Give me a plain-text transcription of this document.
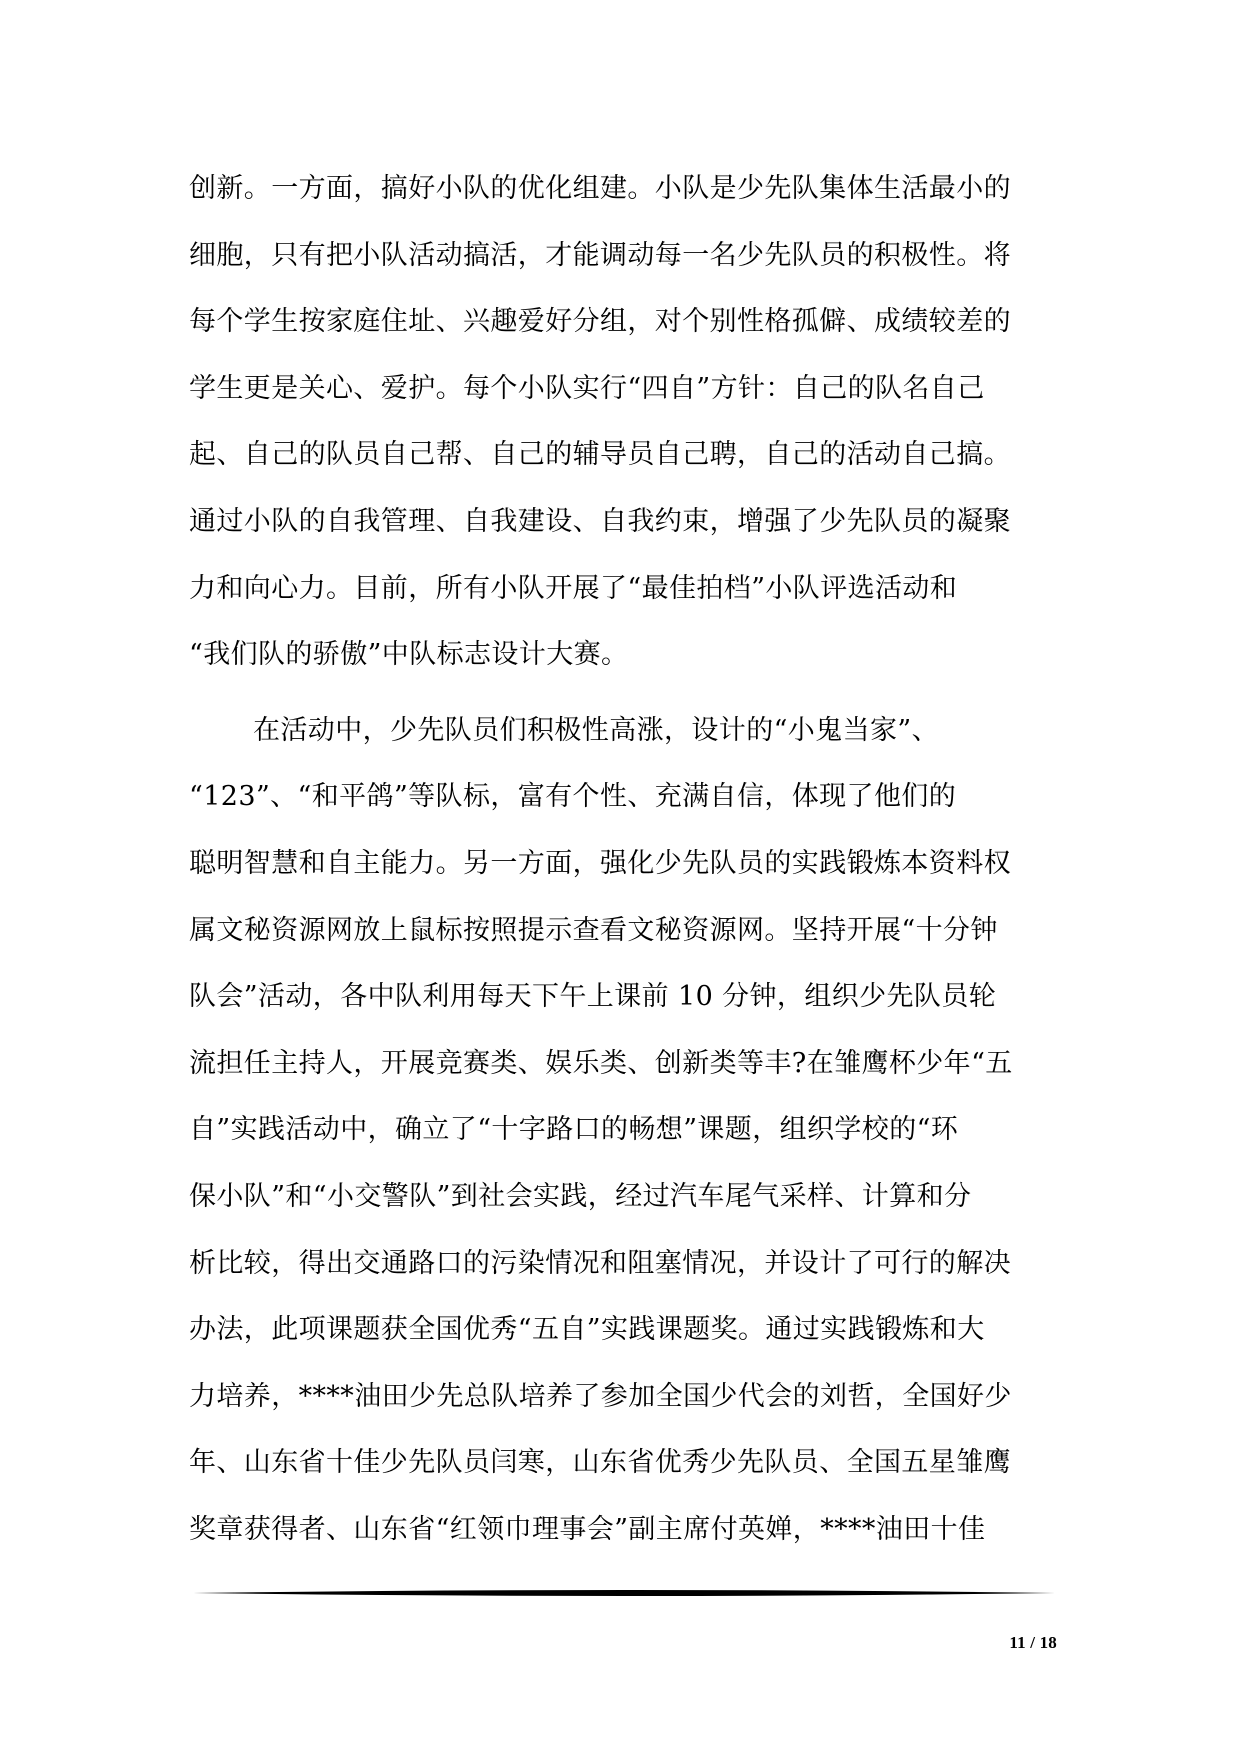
创新。一方面，搞好小队的优化组建。小队是少先队集体生活最小的
细胞，只有把小队活动搞活，才能调动每一名少先队员的积极性。将
每个学生按家庭住址、兴趣爱好分组，对个别性格孤僻、成绩较差的
学生更是关心、爱护。每个小队实行“四自”方针：自己的队名自己
起、自己的队员自己帮、自己的辅导员自己聘，自己的活动自己搞。
通过小队的自我管理、自我建设、自我约束，增强了少先队员的凝聚
力和向心力。目前，所有小队开展了“最佳拍档”小队评选活动和
“我们队的骄傲”中队标志设计大赛。
在活动中，少先队员们积极性高涨，设计的“小鬼当家”、
“123”、“和平鸽”等队标，富有个性、充满自信，体现了他们的
聪明智慧和自主能力。另一方面，强化少先队员的实践锻炼本资料权
属文秘资源网放上鼠标按照提示查看文秘资源网。坚持开展“十分钟
队会”活动，各中队利用每天下午上课前 10 分钟，组织少先队员轮
流担任主持人，开展竞赛类、娱乐类、创新类等丰?在雏鹰杯少年“五
自”实践活动中，确立了“十字路口的畅想”课题，组织学校的“环
保小队”和“小交警队”到社会实践，经过汽车尾气采样、计算和分
析比较，得出交通路口的污染情况和阻塞情况，并设计了可行的解决
办法，此项课题获全国优秀“五自”实践课题奖。通过实践锻炼和大
力培养，****油田少先总队培养了参加全国少代会的刘哲，全国好少
年、山东省十佳少先队员闫寒，山东省优秀少先队员、全国五星雏鹰
奖章获得者、山东省“红领巾理事会”副主席付英婵，****油田十佳
11 / 18
